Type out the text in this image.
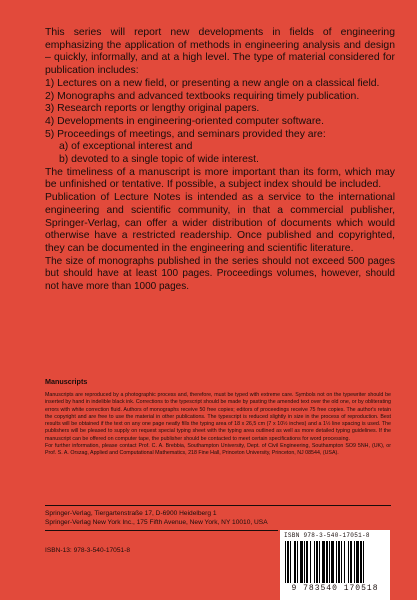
This series will report new developments in fields of engineering emphasizing the application of methods in engineering analysis and design – quickly, informally, and at a high level. The type of material considered for publication includes:

1) Lectures on a new field, or presenting a new angle on a classical field.

2) Monographs and advanced textbooks requiring timely publication.

3) Research reports or lengthy original papers.

4) Developments in engineering-oriented computer software.

5) Proceedings of meetings, and seminars provided they are:

a) of exceptional interest and

b) devoted to a single topic of wide interest.

The timeliness of a manuscript is more important than its form, which may be unfinished or tentative. If possible, a subject index should be included.

Publication of Lecture Notes is intended as a service to the international engineering and scientific community, in that a commercial publisher, Springer-Verlag, can offer a wider distribution of documents which would otherwise have a restricted readership. Once published and copyrighted, they can be documented in the engineering and scientific literature.

The size of monographs published in the series should not exceed 500 pages but should have at least 100 pages. Proceedings volumes, however, should not have more than 1000 pages.

Manuscripts

Manuscripts are reproduced by a photographic process and, therefore, must be typed with extreme care. Symbols not on the typewriter should be inserted by hand in indelible black ink. Corrections to the typescript should be made by pasting the amended text over the old one, or by obliterating errors with white correction fluid. Authors of monographs receive 50 free copies; editors of proceedings receive 75 free copies. The author's retain the copyright and are free to use the material in other publications. The typescript is reduced slightly in size in the process of reproduction. Best results will be obtained if the text on any one page neatly fills the typing area of 18 x 26,5 cm (7 x 10½ inches) and a 1½ line spacing is used. The publishers will be pleased to supply on request special typing sheet with the typing area outlined as well as more detailed typing guidelines. If the manuscript can be offered on computer tape, the publisher should be contacted to meet certain specifications for word processing.

For further information, please contact Prof. C. A. Brebbia, Southampton University, Dept. of Civil Engineering, Southampton SO9 5NH, (UK), or Prof. S. A. Orszag, Applied and Computational Mathematics, 218 Fine Hall, Princeton University, Princeton, NJ 08544, (USA).

Springer-Verlag, Tiergartenstraße 17, D-6900 Heidelberg 1
Springer-Verlag New York Inc., 175 Fifth Avenue, New York, NY 10010, USA
ISBN-13: 978-3-540-17051-8
ISBN 978-3-540-17051-8
9 783540 170518
